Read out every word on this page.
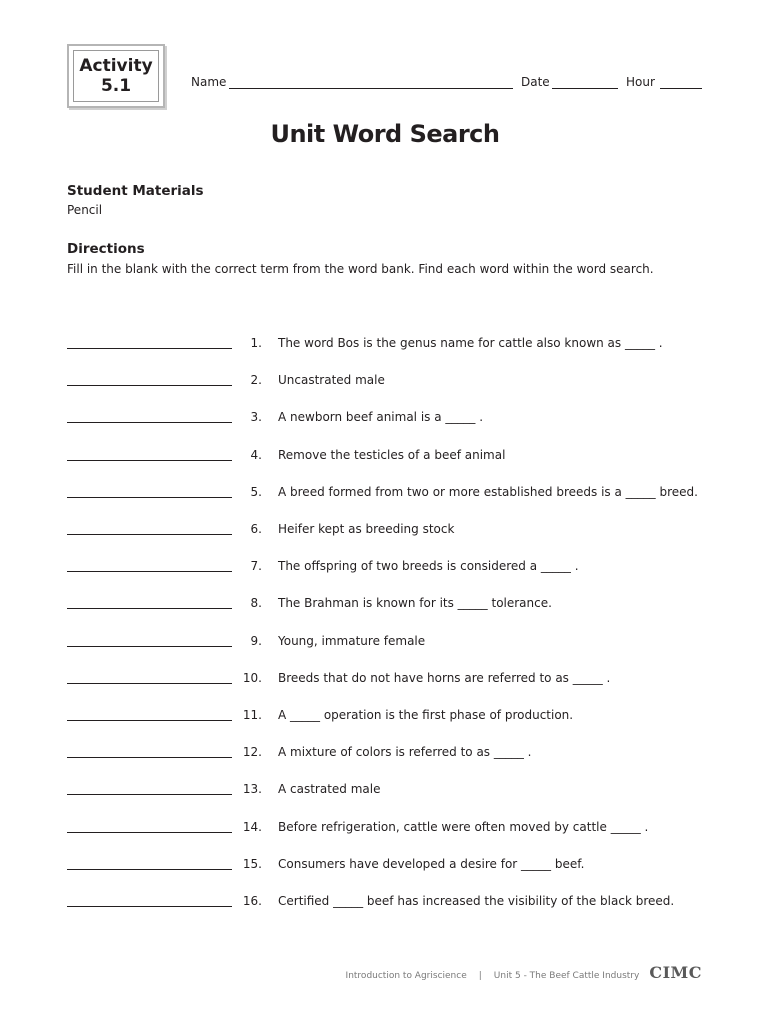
Activity
5.1	Name	Date	Hour
Unit Word Search
Student Materials
Pencil
Directions
Fill in the blank with the correct term from the word bank. Find each word within the word search.
1. The word Bos is the genus name for cattle also known as _____ .
2. Uncastrated male
3. A newborn beef animal is a _____ .
4. Remove the testicles of a beef animal
5. A breed formed from two or more established breeds is a _____ breed.
6. Heifer kept as breeding stock
7. The offspring of two breeds is considered a _____ .
8. The Brahman is known for its _____ tolerance.
9. Young, immature female
10. Breeds that do not have horns are referred to as _____ .
11. A _____ operation is the first phase of production.
12. A mixture of colors is referred to as _____ .
13. A castrated male
14. Before refrigeration, cattle were often moved by cattle _____ .
15. Consumers have developed a desire for _____ beef.
16. Certified _____ beef has increased the visibility of the black breed.
Introduction to Agriscience | Unit 5 - The Beef Cattle Industry CIMC
